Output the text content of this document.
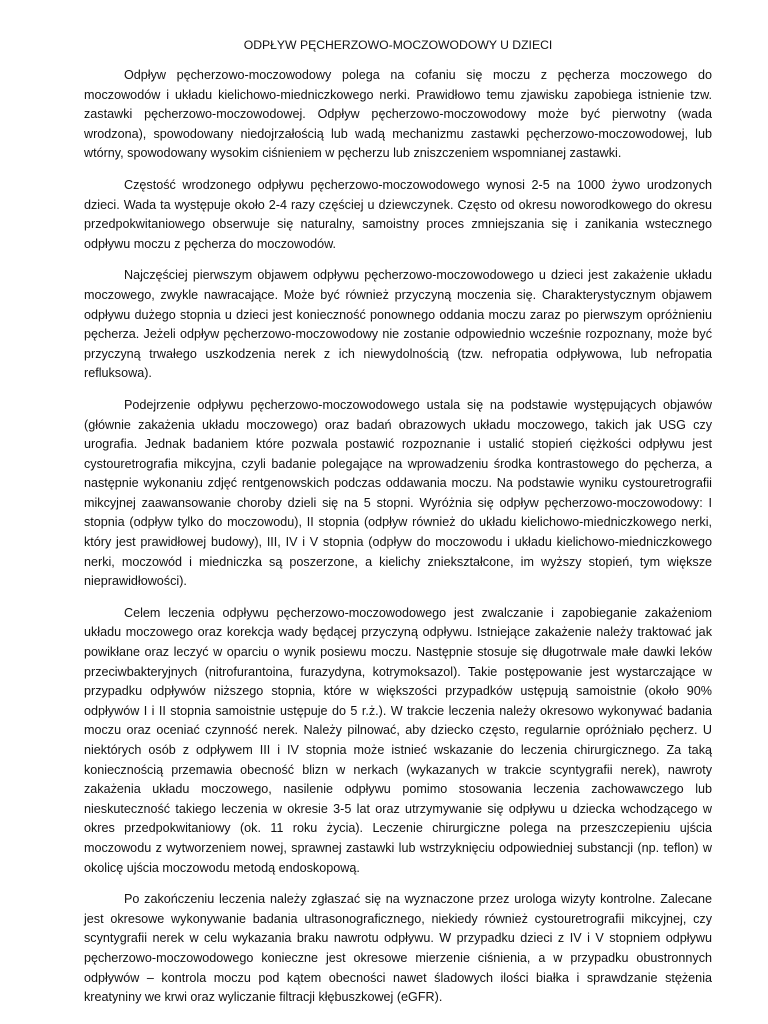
ODPŁYW PĘCHERZOWO-MOCZOWODOWY U DZIECI

Odpływ pęcherzowo-moczowodowy polega na cofaniu się moczu z pęcherza moczowego do moczowodów i układu kielichowo-miedniczkowego nerki. Prawidłowo temu zjawisku zapobiega istnienie tzw. zastawki pęcherzowo-moczowodowej. Odpływ pęcherzowo-moczowodowy może być pierwotny (wada wrodzona), spowodowany niedojrzałością lub wadą mechanizmu zastawki pęcherzowo-moczowodowej, lub wtórny, spowodowany wysokim ciśnieniem w pęcherzu lub zniszczeniem wspomnianej zastawki.

Częstość wrodzonego odpływu pęcherzowo-moczowodowego wynosi 2-5 na 1000 żywo urodzonych dzieci. Wada ta występuje około 2-4 razy częściej u dziewczynek. Często od okresu noworodkowego do okresu przedpokwitaniowego obserwuje się naturalny, samoistny proces zmniejszania się i zanikania wstecznego odpływu moczu z pęcherza do moczowodów.

Najczęściej pierwszym objawem odpływu pęcherzowo-moczowodowego u dzieci jest zakażenie układu moczowego, zwykle nawracające. Może być również przyczyną moczenia się. Charakterystycznym objawem odpływu dużego stopnia u dzieci jest konieczność ponownego oddania moczu zaraz po pierwszym opróżnieniu pęcherza. Jeżeli odpływ pęcherzowo-moczowodowy nie zostanie odpowiednio wcześnie rozpoznany, może być przyczyną trwałego uszkodzenia nerek z ich niewydolnością (tzw. nefropatia odpływowa, lub nefropatia refluksowa).

Podejrzenie odpływu pęcherzowo-moczowodowego ustala się na podstawie występujących objawów (głównie zakażenia układu moczowego) oraz badań obrazowych układu moczowego, takich jak USG czy urografia. Jednak badaniem które pozwala postawić rozpoznanie i ustalić stopień ciężkości odpływu jest cystouretrografia mikcyjna, czyli badanie polegające na wprowadzeniu środka kontrastowego do pęcherza, a następnie wykonaniu zdjęć rentgenowskich podczas oddawania moczu. Na podstawie wyniku cystouretrografii mikcyjnej zaawansowanie choroby dzieli się na 5 stopni. Wyróżnia się odpływ pęcherzowo-moczowodowy: I stopnia (odpływ tylko do moczowodu), II stopnia (odpływ również do układu kielichowo-miedniczkowego nerki, który jest prawidłowej budowy), III, IV i V stopnia (odpływ do moczowodu i układu kielichowo-miedniczkowego nerki, moczowód i miedniczka są poszerzone, a kielichy zniekształcone, im wyższy stopień, tym większe nieprawidłowości).

Celem leczenia odpływu pęcherzowo-moczowodowego jest zwalczanie i zapobieganie zakażeniom układu moczowego oraz korekcja wady będącej przyczyną odpływu. Istniejące zakażenie należy traktować jak powikłane oraz leczyć w oparciu o wynik posiewu moczu. Następnie stosuje się długotrwale małe dawki leków przeciwbakteryjnych (nitrofurantoina, furazydyna, kotrymoksazol). Takie postępowanie jest wystarczające w przypadku odpływów niższego stopnia, które w większości przypadków ustępują samoistnie (około 90% odpływów I i II stopnia samoistnie ustępuje do 5 r.ż.). W trakcie leczenia należy okresowo wykonywać badania moczu oraz oceniać czynność nerek. Należy pilnować, aby dziecko często, regularnie opróżniało pęcherz. U niektórych osób z odpływem III i IV stopnia może istnieć wskazanie do leczenia chirurgicznego. Za taką koniecznością przemawia obecność blizn w nerkach (wykazanych w trakcie scyntygrafii nerek), nawroty zakażenia układu moczowego, nasilenie odpływu pomimo stosowania leczenia zachowawczego lub nieskuteczność takiego leczenia w okresie 3-5 lat oraz utrzymywanie się odpływu u dziecka wchodzącego w okres przedpokwitaniowy (ok. 11 roku życia). Leczenie chirurgiczne polega na przeszczepieniu ujścia moczowodu z wytworzeniem nowej, sprawnej zastawki lub wstrzyknięciu odpowiedniej substancji (np. teflon) w okolicę ujścia moczowodu metodą endoskopową.

Po zakończeniu leczenia należy zgłaszać się na wyznaczone przez urologa wizyty kontrolne. Zalecane jest okresowe wykonywanie badania ultrasonograficznego, niekiedy również cystouretrografii mikcyjnej, czy scyntygrafii nerek w celu wykazania braku nawrotu odpływu. W przypadku dzieci z IV i V stopniem odpływu pęcherzowo-moczowodowego konieczne jest okresowe mierzenie ciśnienia, a w przypadku obustronnych odpływów – kontrola moczu pod kątem obecności nawet śladowych ilości białka i sprawdzanie stężenia kreatyniny we krwi oraz wyliczanie filtracji kłębuszkowej (eGFR).
